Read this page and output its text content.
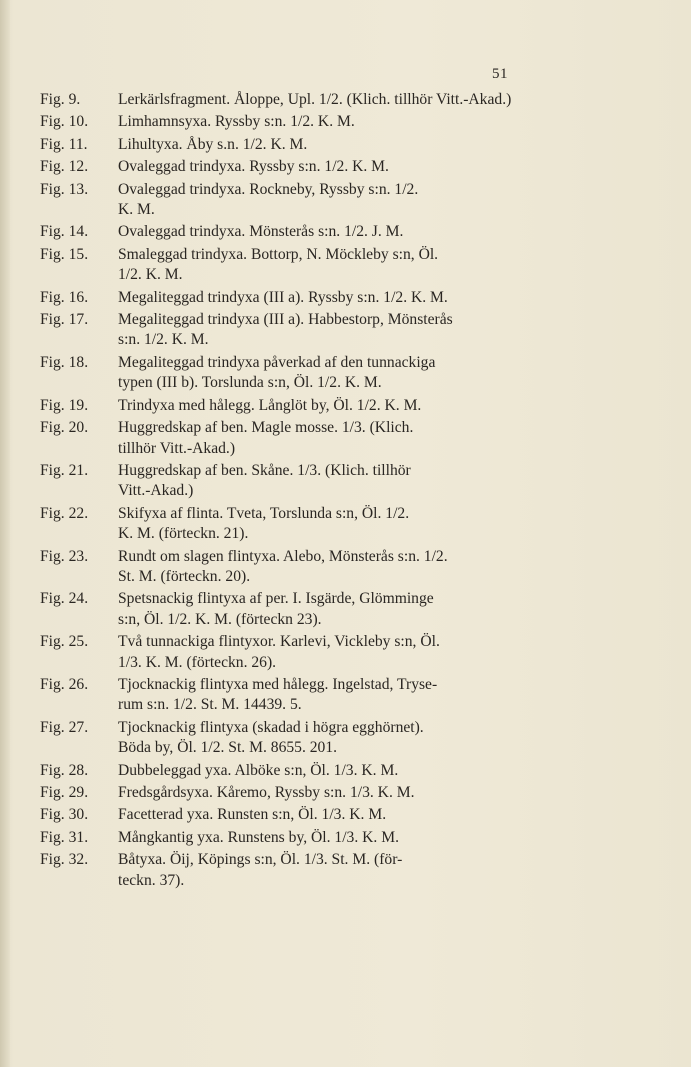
51
Fig. 9.	Lerkärlsfragment. Åloppe, Upl. 1/2. (Klich. tillhör Vitt.-Akad.)
Fig. 10.	Limhamnsyxa. Ryssby s:n. 1/2. K. M.
Fig. 11.	Lihultyxa. Åby s.n. 1/2. K. M.
Fig. 12.	Ovaleggad trindyxa. Ryssby s:n. 1/2. K. M.
Fig. 13.	Ovaleggad trindyxa. Rockneby, Ryssby s:n. 1/2.
K. M.
Fig. 14.	Ovaleggad trindyxa. Mönsterås s:n. 1/2. J. M.
Fig. 15.	Smaleggad trindyxa. Bottorp, N. Möckleby s:n, Öl.
1/2. K. M.
Fig. 16.	Megaliteggad trindyxa (III a). Ryssby s:n. 1/2. K. M.
Fig. 17.	Megaliteggad trindyxa (III a). Habbestorp, Mönsterås
s:n. 1/2. K. M.
Fig. 18.	Megaliteggad trindyxa påverkad af den tunnackiga
typen (III b). Torslunda s:n, Öl. 1/2. K. M.
Fig. 19.	Trindyxa med hålegg. Långlöt by, Öl. 1/2. K. M.
Fig. 20.	Huggredskap af ben. Magle mosse. 1/3. (Klich.
tillhör Vitt.-Akad.)
Fig. 21.	Huggredskap af ben. Skåne. 1/3. (Klich. tillhör
Vitt.-Akad.)
Fig. 22.	Skifyxa af flinta. Tveta, Torslunda s:n, Öl. 1/2.
K. M. (förteckn. 21).
Fig. 23.	Rundt om slagen flintyxa. Alebo, Mönsterås s:n. 1/2.
St. M. (förteckn. 20).
Fig. 24.	Spetsnackig flintyxa af per. I. Isgärde, Glömminge
s:n, Öl. 1/2. K. M. (förteckn 23).
Fig. 25.	Två tunnackiga flintyxor. Karlevi, Vickleby s:n, Öl.
1/3. K. M. (förteckn. 26).
Fig. 26.	Tjocknackig flintyxa med hålegg. Ingelstad, Tryse-
rum s:n. 1/2. St. M. 14439. 5.
Fig. 27.	Tjocknackig flintyxa (skadad i högra egghörnet).
Böda by, Öl. 1/2. St. M. 8655. 201.
Fig. 28.	Dubbeleggad yxa. Alböke s:n, Öl. 1/3. K. M.
Fig. 29.	Fredsgårdsyxa. Kåremo, Ryssby s:n. 1/3. K. M.
Fig. 30.	Facetterad yxa. Runsten s:n, Öl. 1/3. K. M.
Fig. 31.	Mångkantig yxa. Runstens by, Öl. 1/3. K. M.
Fig. 32.	Båtyxa. Öij, Köpings s:n, Öl. 1/3. St. M. (för-
teckn. 37).
